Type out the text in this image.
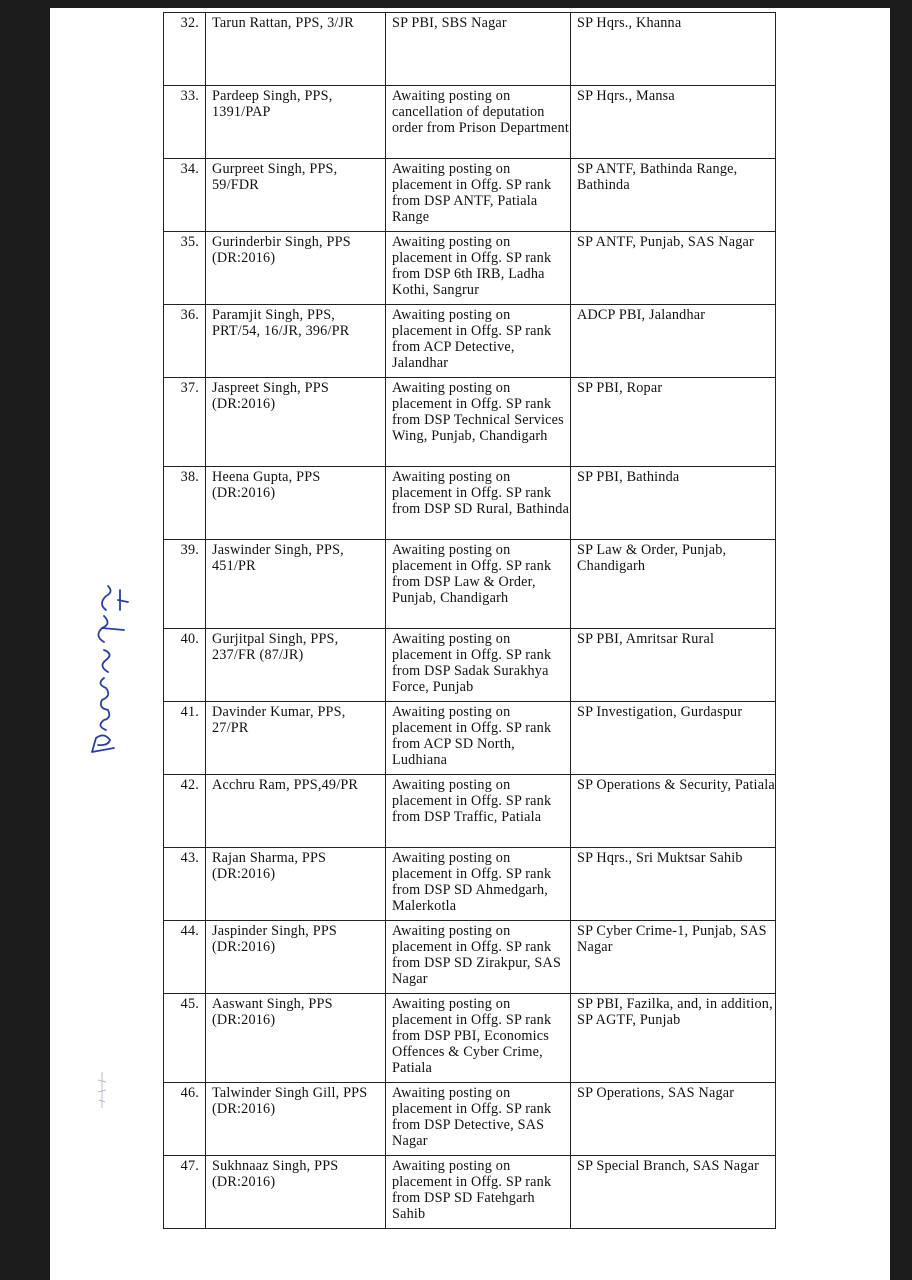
32.	Tarun Rattan, PPS, 3/JR	SP PBI, SBS Nagar	SP Hqrs., Khanna
33.	Pardeep Singh, PPS, 1391/PAP	Awaiting posting on cancellation of deputation order from Prison Department	SP Hqrs., Mansa
34.	Gurpreet Singh, PPS, 59/FDR	Awaiting posting on placement in Offg. SP rank from DSP ANTF, Patiala Range	SP ANTF, Bathinda Range, Bathinda
35.	Gurinderbir Singh, PPS (DR:2016)	Awaiting posting on placement in Offg. SP rank from DSP 6th IRB, Ladha Kothi, Sangrur	SP ANTF, Punjab, SAS Nagar
36.	Paramjit Singh, PPS, PRT/54, 16/JR, 396/PR	Awaiting posting on placement in Offg. SP rank from ACP Detective, Jalandhar	ADCP PBI, Jalandhar
37.	Jaspreet Singh, PPS (DR:2016)	Awaiting posting on placement in Offg. SP rank from DSP Technical Services Wing, Punjab, Chandigarh	SP PBI, Ropar
38.	Heena Gupta, PPS (DR:2016)	Awaiting posting on placement in Offg. SP rank from DSP SD Rural, Bathinda	SP PBI, Bathinda
39.	Jaswinder Singh, PPS, 451/PR	Awaiting posting on placement in Offg. SP rank from DSP Law & Order, Punjab, Chandigarh	SP Law & Order, Punjab, Chandigarh
40.	Gurjitpal Singh, PPS, 237/FR (87/JR)	Awaiting posting on placement in Offg. SP rank from DSP Sadak Surakhya Force, Punjab	SP PBI, Amritsar Rural
41.	Davinder Kumar, PPS, 27/PR	Awaiting posting on placement in Offg. SP rank from ACP SD North, Ludhiana	SP Investigation, Gurdaspur
42.	Acchru Ram, PPS,49/PR	Awaiting posting on placement in Offg. SP rank from DSP Traffic, Patiala	SP Operations & Security, Patiala
43.	Rajan Sharma, PPS (DR:2016)	Awaiting posting on placement in Offg. SP rank from DSP SD Ahmedgarh, Malerkotla	SP Hqrs., Sri Muktsar Sahib
44.	Jaspinder Singh, PPS (DR:2016)	Awaiting posting on placement in Offg. SP rank from DSP SD Zirakpur, SAS Nagar	SP Cyber Crime-1, Punjab, SAS Nagar
45.	Aaswant Singh, PPS (DR:2016)	Awaiting posting on placement in Offg. SP rank from DSP PBI, Economics Offences & Cyber Crime, Patiala	SP PBI, Fazilka, and, in addition, SP AGTF, Punjab
46.	Talwinder Singh Gill, PPS (DR:2016)	Awaiting posting on placement in Offg. SP rank from DSP Detective, SAS Nagar	SP Operations, SAS Nagar
47.	Sukhnaaz Singh, PPS (DR:2016)	Awaiting posting on placement in Offg. SP rank from DSP SD Fatehgarh Sahib	SP Special Branch, SAS Nagar
